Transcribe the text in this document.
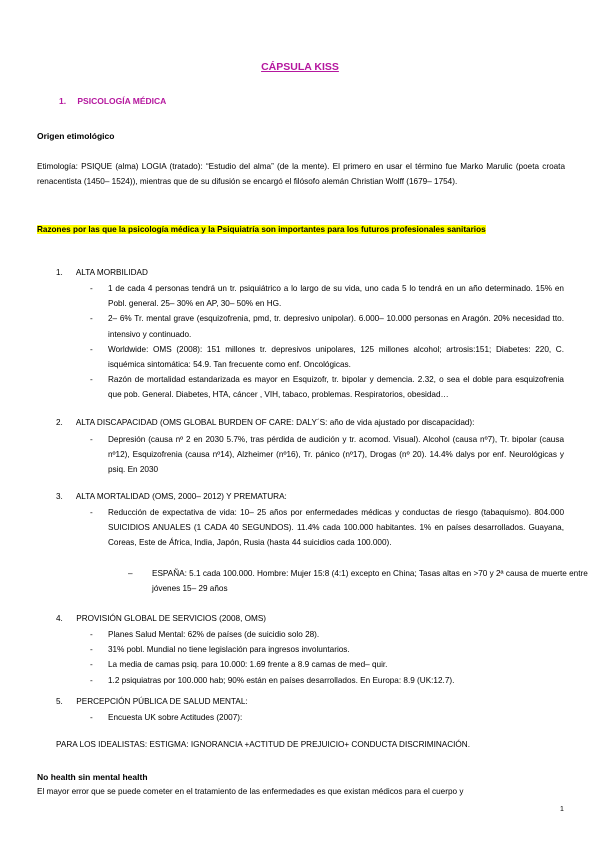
CÁPSULA KISS
1. PSICOLOGÍA MÉDICA
Origen etimológico
Etimología: PSIQUE (alma) LOGIA (tratado): “Estudio del alma” (de la mente). El primero en usar el término fue Marko Marulic (poeta croata renacentista (1450– 1524)), mientras que de su difusión se encargó el filósofo alemán Christian Wolff (1679– 1754).
Razones por las que la psicología médica y la Psiquiatría son importantes para los futuros profesionales sanitarios
1. ALTA MORBILIDAD
- 1 de cada 4 personas tendrá un tr. psiquiátrico a lo largo de su vida, uno cada 5 lo tendrá en un año determinado. 15% en Pobl. general. 25– 30% en AP, 30– 50% en HG.
- 2– 6% Tr. mental grave (esquizofrenia, pmd, tr. depresivo unipolar). 6.000– 10.000 personas en Aragón. 20% necesidad tto. intensivo y continuado.
- Worldwide: OMS (2008): 151 millones tr. depresivos unipolares, 125 millones alcohol; artrosis:151; Diabetes: 220, C. isquémica sintomática: 54.9. Tan frecuente como enf. Oncológicas.
- Razón de mortalidad estandarizada es mayor en Esquizofr, tr. bipolar y demencia. 2.32, o sea el doble para esquizofrenia que pob. General. Diabetes, HTA, cáncer , VIH, tabaco, problemas. Respiratorios, obesidad…
2. ALTA DISCAPACIDAD (OMS GLOBAL BURDEN OF CARE: DALY´S: año de vida ajustado por discapacidad):
- Depresión (causa nº 2 en 2030 5.7%, tras pérdida de audición y tr. acomod. Visual). Alcohol (causa nº7), Tr. bipolar (causa nº12), Esquizofrenia (causa nº14), Alzheimer (nº16), Tr. pánico (nº17), Drogas (nº 20). 14.4% dalys por enf. Neurológicas y psiq. En 2030
3. ALTA MORTALIDAD (OMS, 2000– 2012) Y PREMATURA:
- Reducción de expectativa de vida: 10– 25 años por enfermedades médicas y conductas de riesgo (tabaquismo). 804.000 SUICIDIOS ANUALES (1 CADA 40 SEGUNDOS). 11.4% cada 100.000 habitantes. 1% en países desarrollados. Guayana, Coreas, Este de África, India, Japón, Rusia (hasta 44 suicidios cada 100.000).
– ESPAÑA: 5.1 cada 100.000. Hombre: Mujer 15:8 (4:1) excepto en China; Tasas altas en >70 y 2ª causa de muerte entre jóvenes 15– 29 años
4. PROVISIÓN GLOBAL DE SERVICIOS (2008, OMS)
- Planes Salud Mental: 62% de países (de suicidio solo 28).
- 31% pobl. Mundial no tiene legislación para ingresos involuntarios.
- La media de camas psiq. para 10.000: 1.69 frente a 8.9 camas de med– quir.
- 1.2 psiquiatras por 100.000 hab; 90% están en países desarrollados. En Europa: 8.9 (UK:12.7).
5. PERCEPCIÓN PÚBLICA DE SALUD MENTAL:
- Encuesta UK sobre Actitudes (2007):
PARA LOS IDEALISTAS: ESTIGMA: IGNORANCIA +ACTITUD DE PREJUICIO+ CONDUCTA DISCRIMINACIÓN.
No health sin mental health
El mayor error que se puede cometer en el tratamiento de las enfermedades es que existan médicos para el cuerpo y
1
